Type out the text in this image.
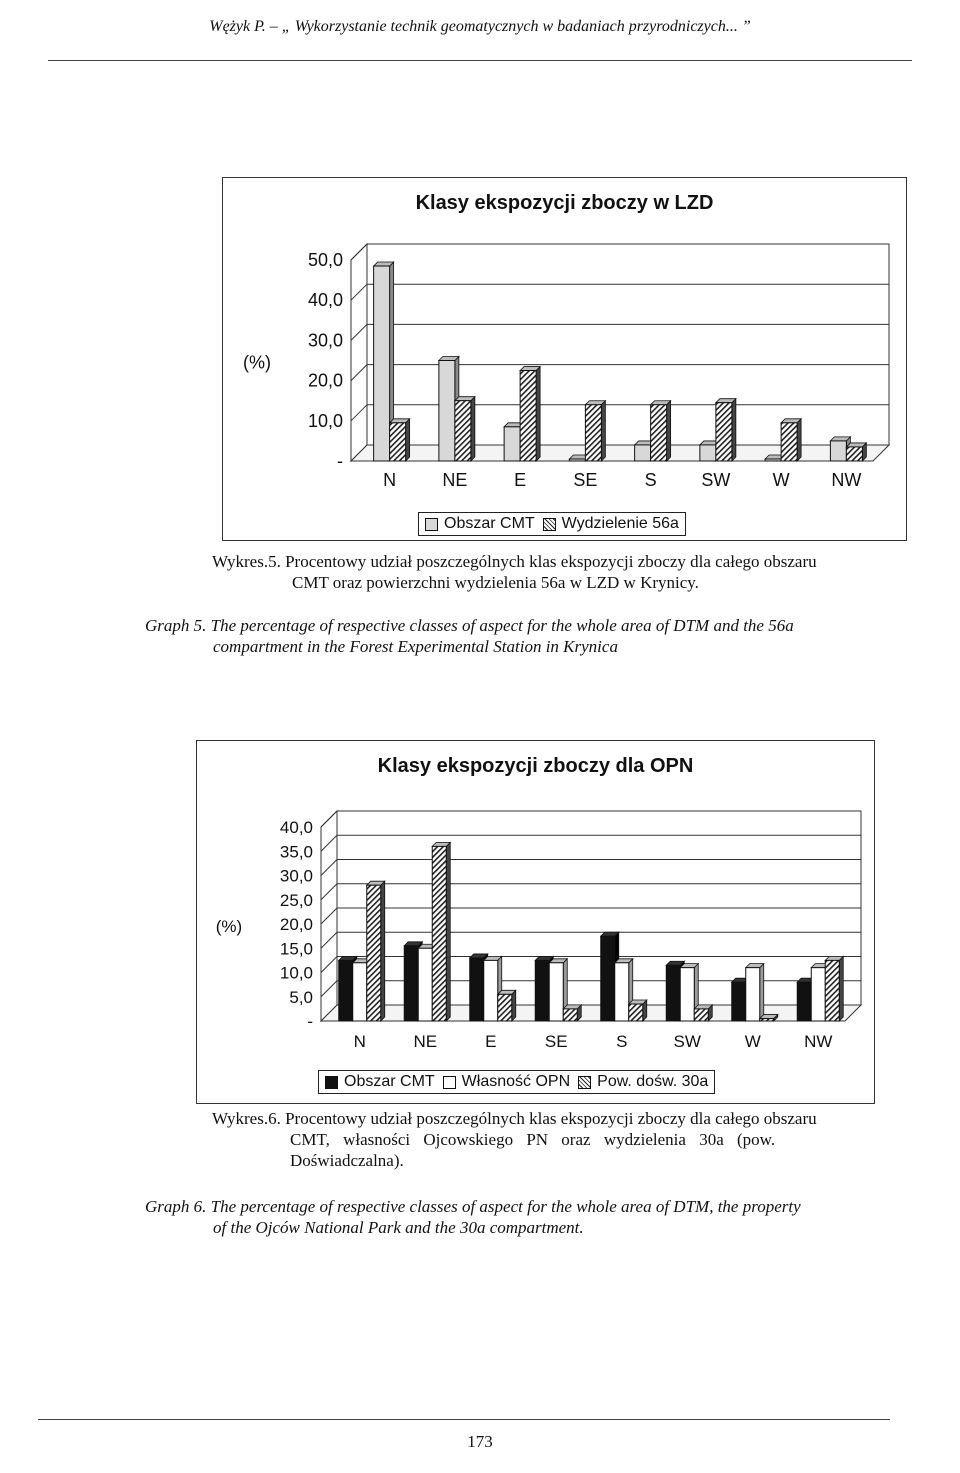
Wężyk P. – „ Wykorzystanie technik geomatycznych w badaniach przyrodniczych... ”
Klasy ekspozycji zboczy w LZD
50,0
40,0
30,0
20,0
10,0
-
(%)
N	NE	E	SE	S SW W NW
Obszar CMT Wydzielenie 56a
Wykres.5. Procentowy udział poszczególnych klas ekspozycji zboczy dla całego obszaru
CMT oraz powierzchni wydzielenia 56a w LZD w Krynicy.
Graph 5. The percentage of respective classes of aspect for the whole area of DTM and the 56a
compartment in the Forest Experimental Station in Krynica
Klasy ekspozycji zboczy dla OPN
40,0
35,0
30,0
25,0
20,0
15,0
10,0
5,0
-
(%)
N	NE	E	SE	S	SW	W	NW
Obszar CMT Własność OPN Pow. dośw. 30a
Wykres.6. Procentowy udział poszczególnych klas ekspozycji zboczy dla całego obszaru
CMT, własności Ojcowskiego PN oraz wydzielenia 30a (pow.
Doświadczalna).
Graph 6. The percentage of respective classes of aspect for the whole area of DTM, the property
of the Ojców National Park and the 30a compartment.
173
